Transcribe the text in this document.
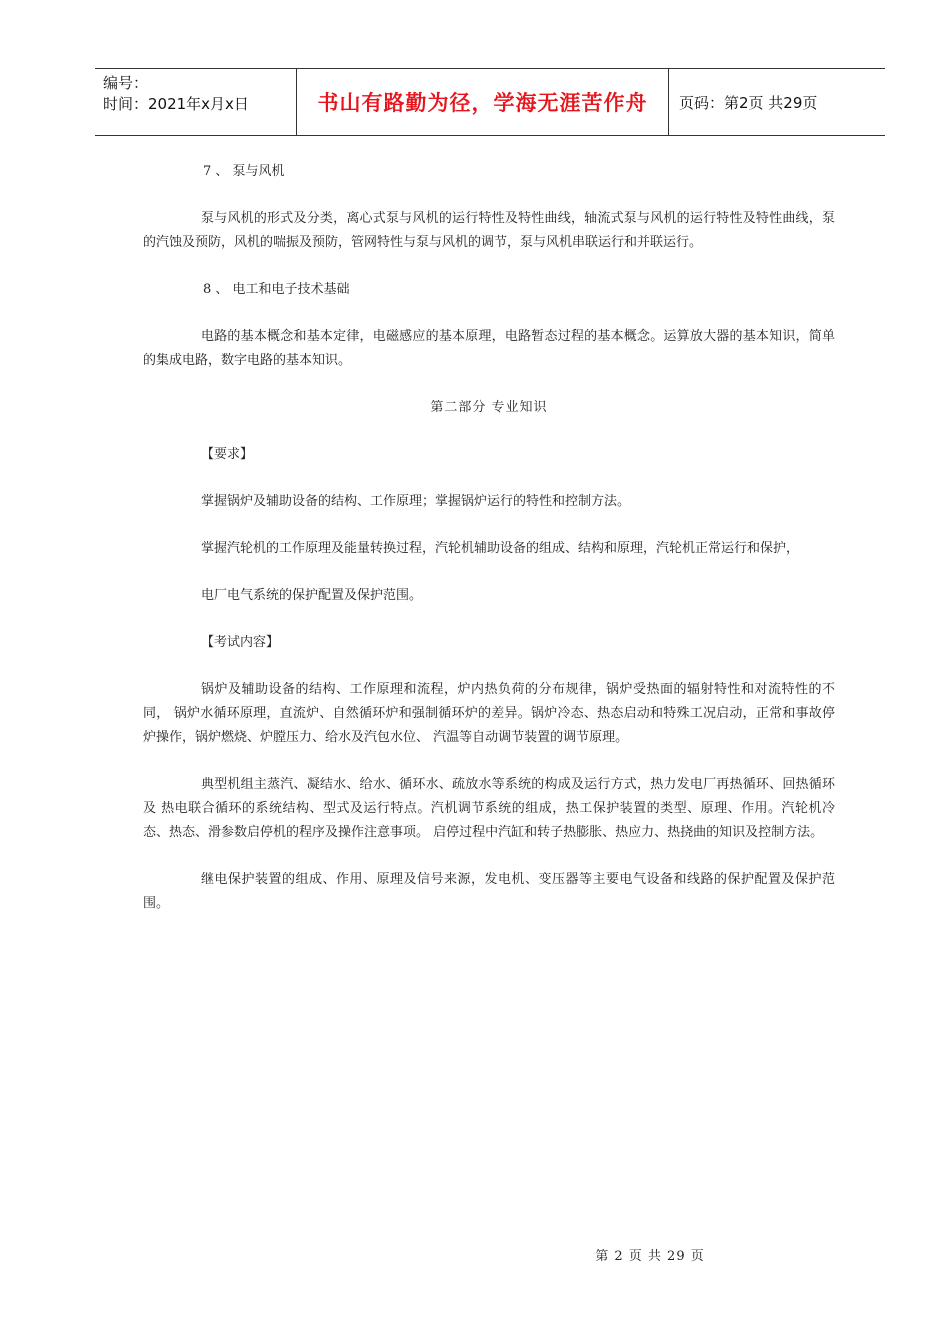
编号：
时间：2021年x月x日	书山有路勤为径，学海无涯苦作舟 页码：第2页 共29页

7 、 泵与风机

泵与风机的形式及分类，离心式泵与风机的运行特性及特性曲线，轴流式泵与风机的运行特性及特性曲线，泵的汽蚀及预防，风机的喘振及预防，管网特性与泵与风机的调节，泵与风机串联运行和并联运行。

8 、 电工和电子技术基础

电路的基本概念和基本定律，电磁感应的基本原理，电路暂态过程的基本概念。运算放大器的基本知识，简单的集成电路，数字电路的基本知识。

第二部分 专业知识

【要求】

掌握锅炉及辅助设备的结构、工作原理；掌握锅炉运行的特性和控制方法。

掌握汽轮机的工作原理及能量转换过程，汽轮机辅助设备的组成、结构和原理，汽轮机正常运行和保护，

电厂电气系统的保护配置及保护范围。

【考试内容】

锅炉及辅助设备的结构、工作原理和流程，炉内热负荷的分布规律，锅炉受热面的辐射特性和对流特性的不同， 锅炉水循环原理，直流炉、自然循环炉和强制循环炉的差异。锅炉冷态、热态启动和特殊工况启动，正常和事故停炉操作，锅炉燃烧、炉膛压力、给水及汽包水位、 汽温等自动调节装置的调节原理。

典型机组主蒸汽、凝结水、给水、循环水、疏放水等系统的构成及运行方式，热力发电厂再热循环、回热循环及 热电联合循环的系统结构、型式及运行特点。汽机调节系统的组成，热工保护装置的类型、原理、作用。汽轮机冷态、热态、滑参数启停机的程序及操作注意事项。 启停过程中汽缸和转子热膨胀、热应力、热挠曲的知识及控制方法。

继电保护装置的组成、作用、原理及信号来源，发电机、变压器等主要电气设备和线路的保护配置及保护范围。

第 2 页 共 29 页
